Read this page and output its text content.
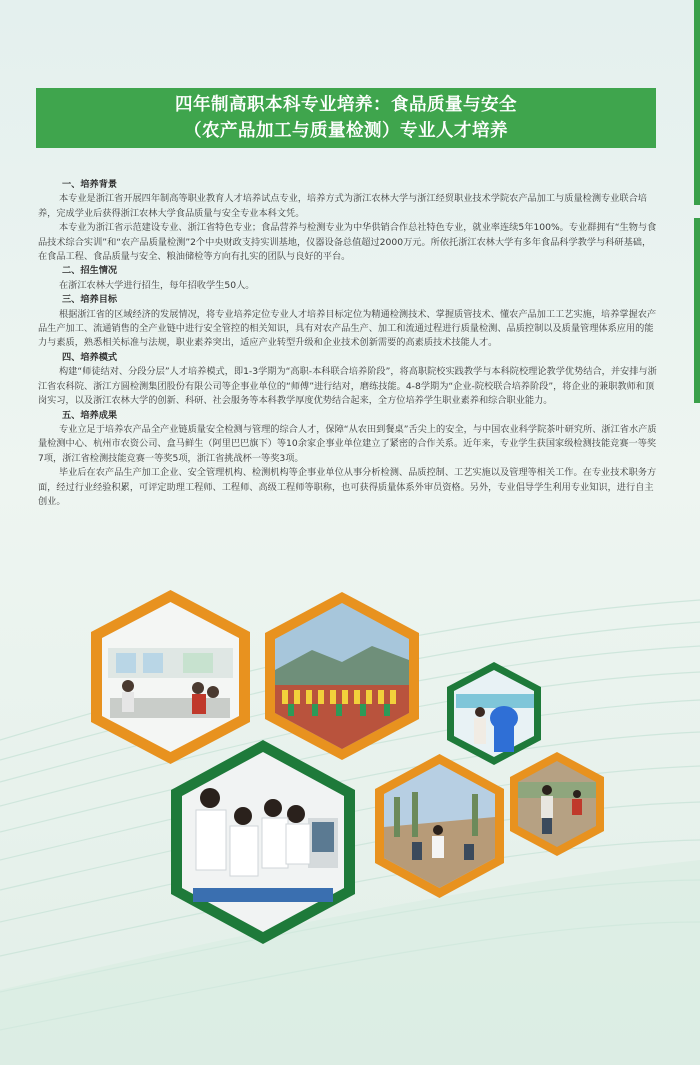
四年制高职本科专业培养：食品质量与安全
（农产品加工与质量检测）专业人才培养
一、培养背景

本专业是浙江省开展四年制高等职业教育人才培养试点专业，培养方式为浙江农林大学与浙江经贸职业技术学院农产品加工与质量检测专业联合培养，完成学业后获得浙江农林大学食品质量与安全专业本科文凭。

本专业为浙江省示范建设专业、浙江省特色专业；食品营养与检测专业为中华供销合作总社特色专业，就业率连续5年100%。专业群拥有“生物与食品技术综合实训”和“农产品质量检测”2个中央财政支持实训基地，仪器设备总值超过2000万元。所依托浙江农林大学有多年食品科学教学与科研基础，在食品工程、食品质量与安全、粮油储检等方向有扎实的团队与良好的平台。

二、招生情况

在浙江农林大学进行招生，每年招收学生50人。

三、培养目标

根据浙江省的区域经济的发展情况，将专业培养定位专业人才培养目标定位为精通检测技术、掌握质管技术、懂农产品加工工艺实施，培养掌握农产品生产加工、流通销售的全产业链中进行安全管控的相关知识，具有对农产品生产、加工和流通过程进行质量检测、品质控制以及质量管理体系应用的能力与素质，熟悉相关标准与法规，职业素养突出，适应产业转型升级和企业技术创新需要的高素质技术技能人才。

四、培养模式

构建“师徒结对、分段分层”人才培养模式，即1-3学期为“高职-本科联合培养阶段”，将高职院校实践教学与本科院校理论教学优势结合，并安排与浙江省农科院、浙江方圆检测集团股份有限公司等企事业单位的“师傅”进行结对，磨练技能。4-8学期为“企业-院校联合培养阶段”，将企业的兼职教师和顶岗实习，以及浙江农林大学的创新、科研、社会服务等本科教学厚度优势结合起来，全方位培养学生职业素养和综合职业能力。

五、培养成果

专业立足于培养农产品全产业链质量安全检测与管理的综合人才，保障“从农田到餐桌”舌尖上的安全，与中国农业科学院茶叶研究所、浙江省水产质量检测中心、杭州市农资公司、盒马鲜生（阿里巴巴旗下）等10余家企事业单位建立了紧密的合作关系。近年来，专业学生获国家级检测技能竞赛一等奖7项，浙江省检测技能竞赛一等奖5项，浙江省挑战杯一等奖3项。

毕业后在农产品生产加工企业、安全管理机构、检测机构等企事业单位从事分析检测、品质控制、工艺实施以及管理等相关工作。在专业技术职务方面，经过行业经验积累，可评定助理工程师、工程师、高级工程师等职称，也可获得质量体系外审员资格。另外，专业倡导学生利用专业知识，进行自主创业。
